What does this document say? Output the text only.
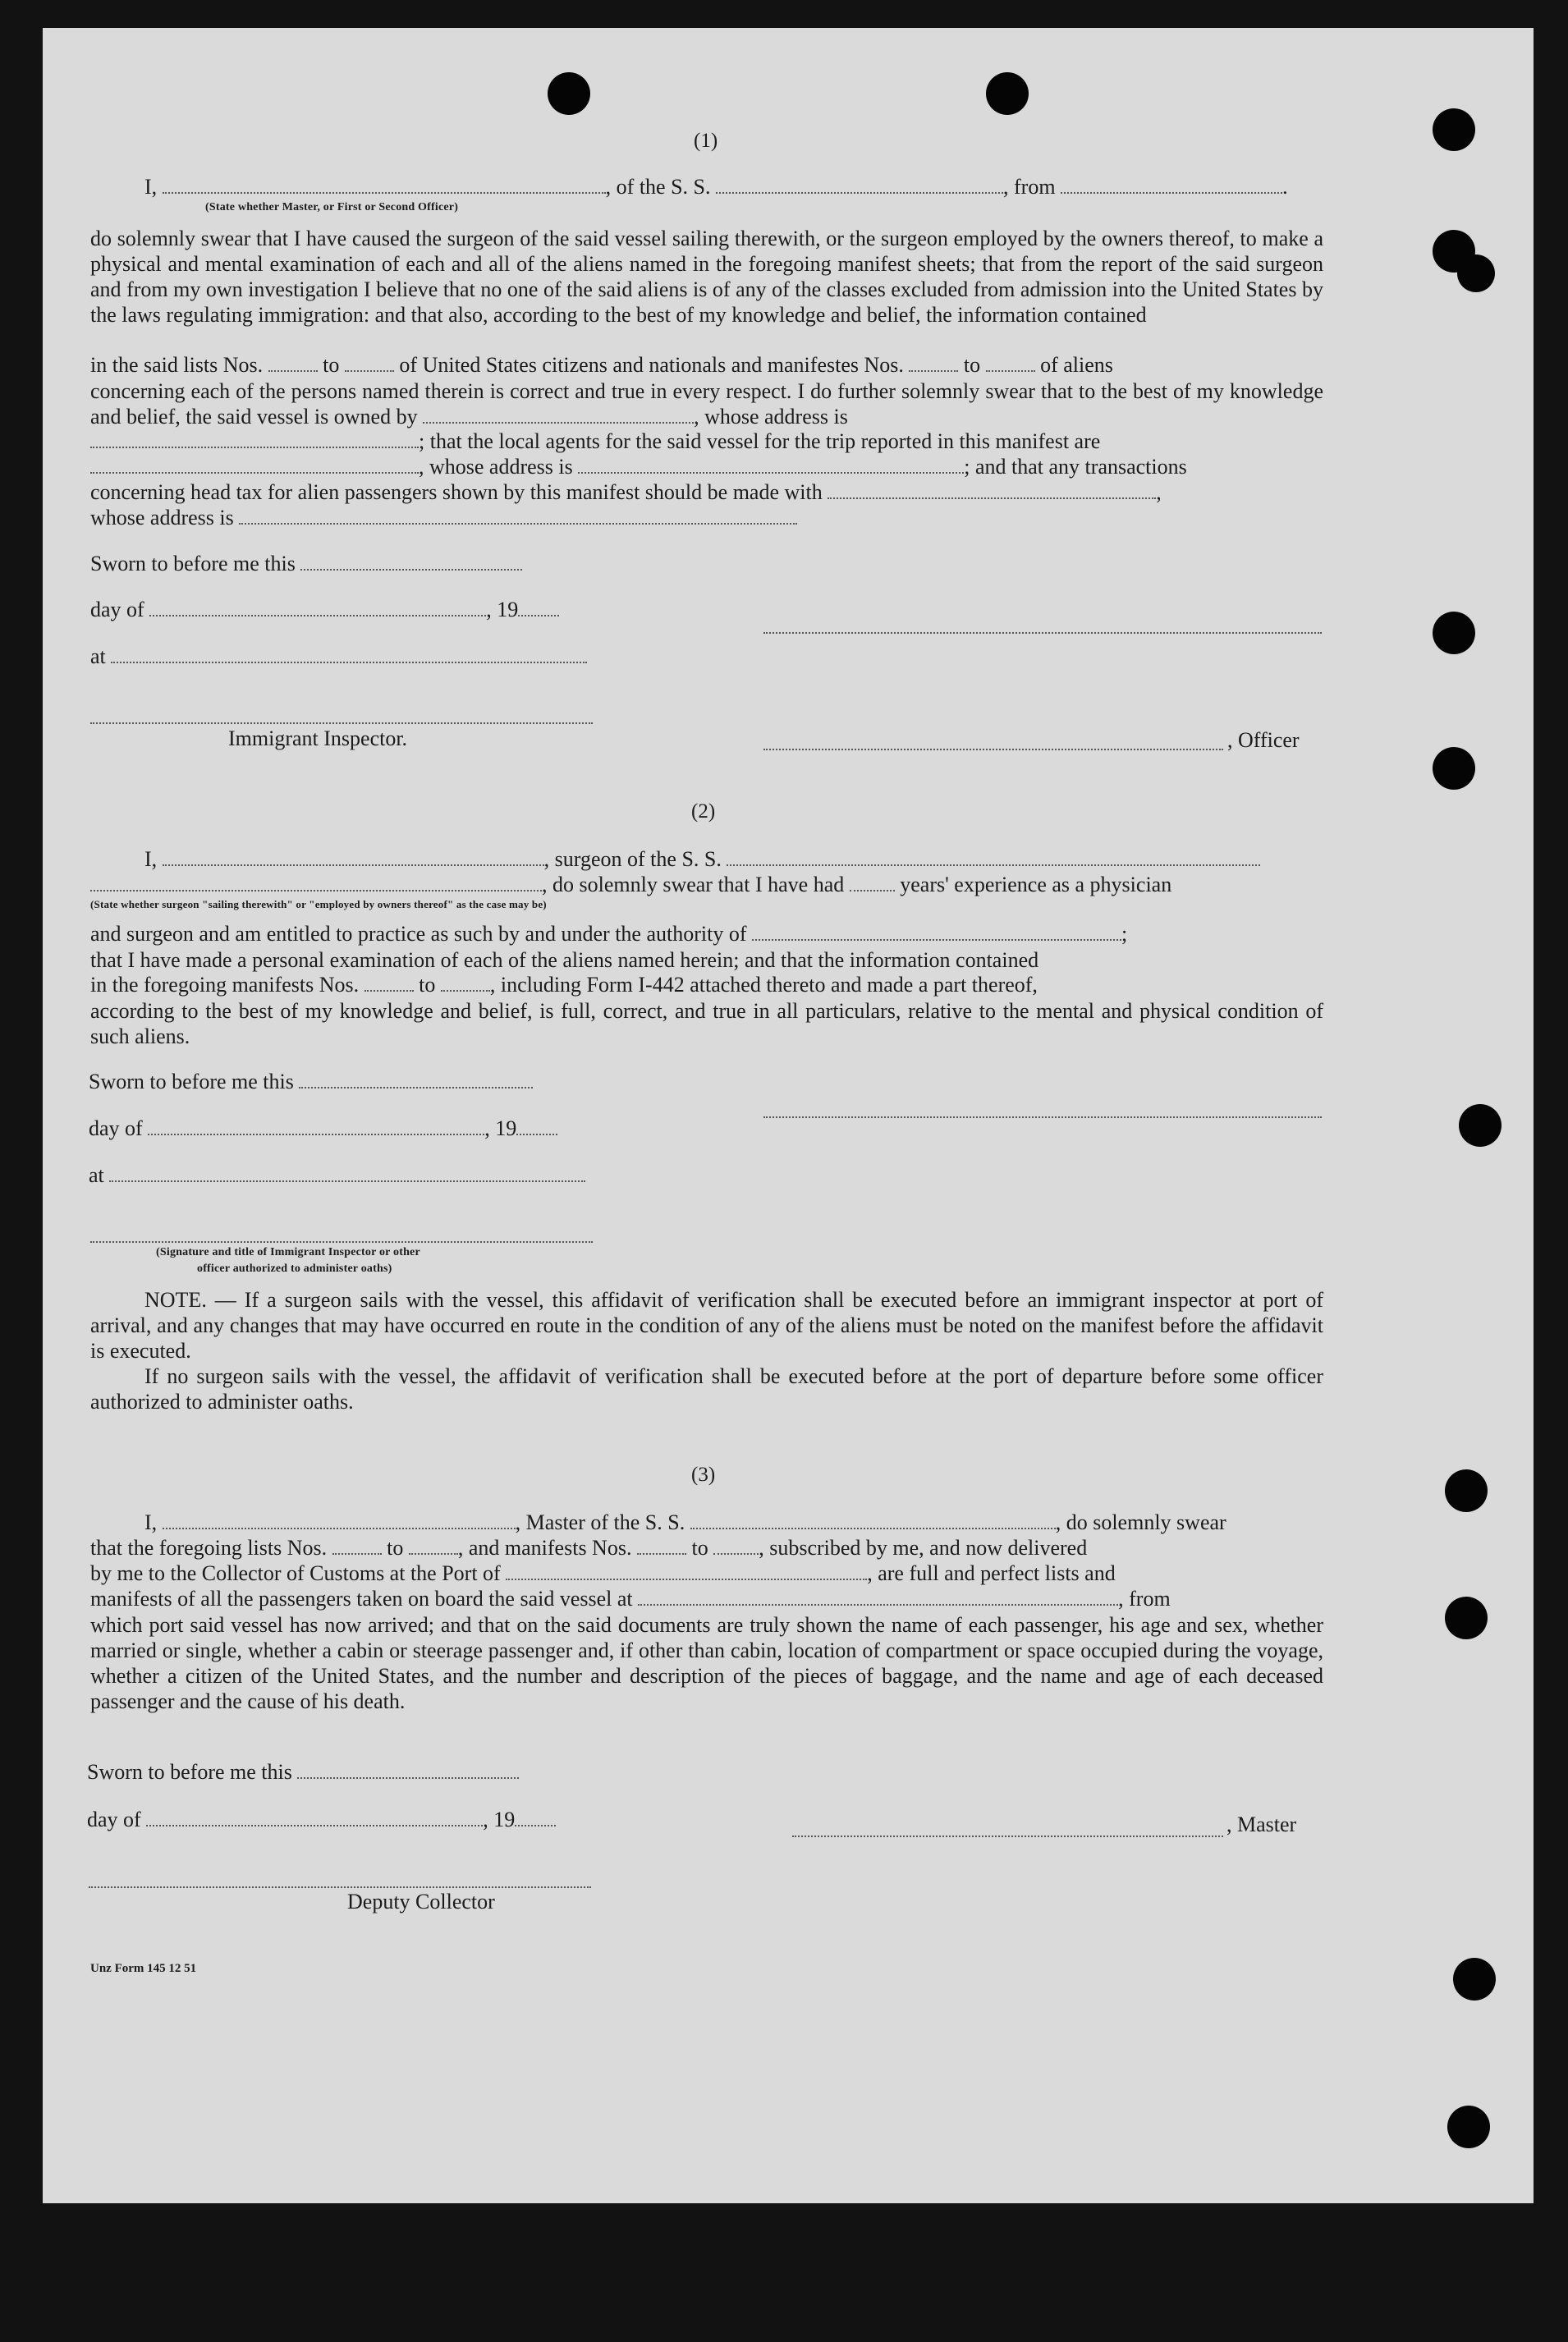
(1)
I,	, of the S. S.	, from	.
(State whether Master, or First or Second Officer)

do solemnly swear that I have caused the surgeon of the said vessel sailing therewith, or the surgeon employed by the owners thereof, to make a physical and mental examination of each and all of the aliens named in the foregoing manifest sheets; that from the report of the said surgeon and from my own investigation I believe that no one of the said aliens is of any of the classes excluded from admission into the United States by the laws regulating immigration: and that also, according to the best of my knowledge and belief, the information contained

in the said lists Nos.	to	of United States citizens and nationals and manifestes Nos.	to	of aliens

concerning each of the persons named therein is correct and true in every respect. I do further solemnly swear that to the best of my knowledge and belief, the said vessel is owned by	, whose address is

; that the local agents for the said vessel for the trip reported in this manifest are
, whose address is	; and that any transactions
concerning head tax for alien passengers shown by this manifest should be made with	,
whose address is
Sworn to before me this
day of	, 19
at
Immigrant Inspector.	, Officer
(2)
I,	, surgeon of the S. S.
, do solemnly swear that I have had	years' experience as a physician
(State whether surgeon "sailing therewith" or "employed by owners thereof" as the case may be)
and surgeon and am entitled to practice as such by and under the authority of	;

that I have made a personal examination of each of the aliens named herein; and that the information contained

in the foregoing manifests Nos.	to	, including Form I-442 attached thereto and made a part thereof,

according to the best of my knowledge and belief, is full, correct, and true in all particulars, relative to the mental and physical condition of such aliens.

Sworn to before me this
day of	, 19
at
(Signature and title of Immigrant Inspector or other
officer authorized to administer oaths)

NOTE. — If a surgeon sails with the vessel, this affidavit of verification shall be executed before an immigrant inspector at port of arrival, and any changes that may have occurred en route in the condition of any of the aliens must be noted on the manifest before the affidavit is executed.

If no surgeon sails with the vessel, the affidavit of verification shall be executed before at the port of departure before some officer authorized to administer oaths.

(3)
I,	, Master of the S. S.	, do solemnly swear
that the foregoing lists Nos.	to	, and manifests Nos.	to , subscribed by me, and now delivered
by me to the Collector of Customs at the Port of	, are full and perfect lists and
manifests of all the passengers taken on board the said vessel at	, from

which port said vessel has now arrived; and that on the said documents are truly shown the name of each passenger, his age and sex, whether married or single, whether a cabin or steerage passenger and, if other than cabin, location of compartment or space occupied during the voyage, whether a citizen of the United States, and the number and description of the pieces of baggage, and the name and age of each deceased passenger and the cause of his death.

Sworn to before me this
day of	, 19	, Master
Deputy Collector
Unz Form 145 12 51
